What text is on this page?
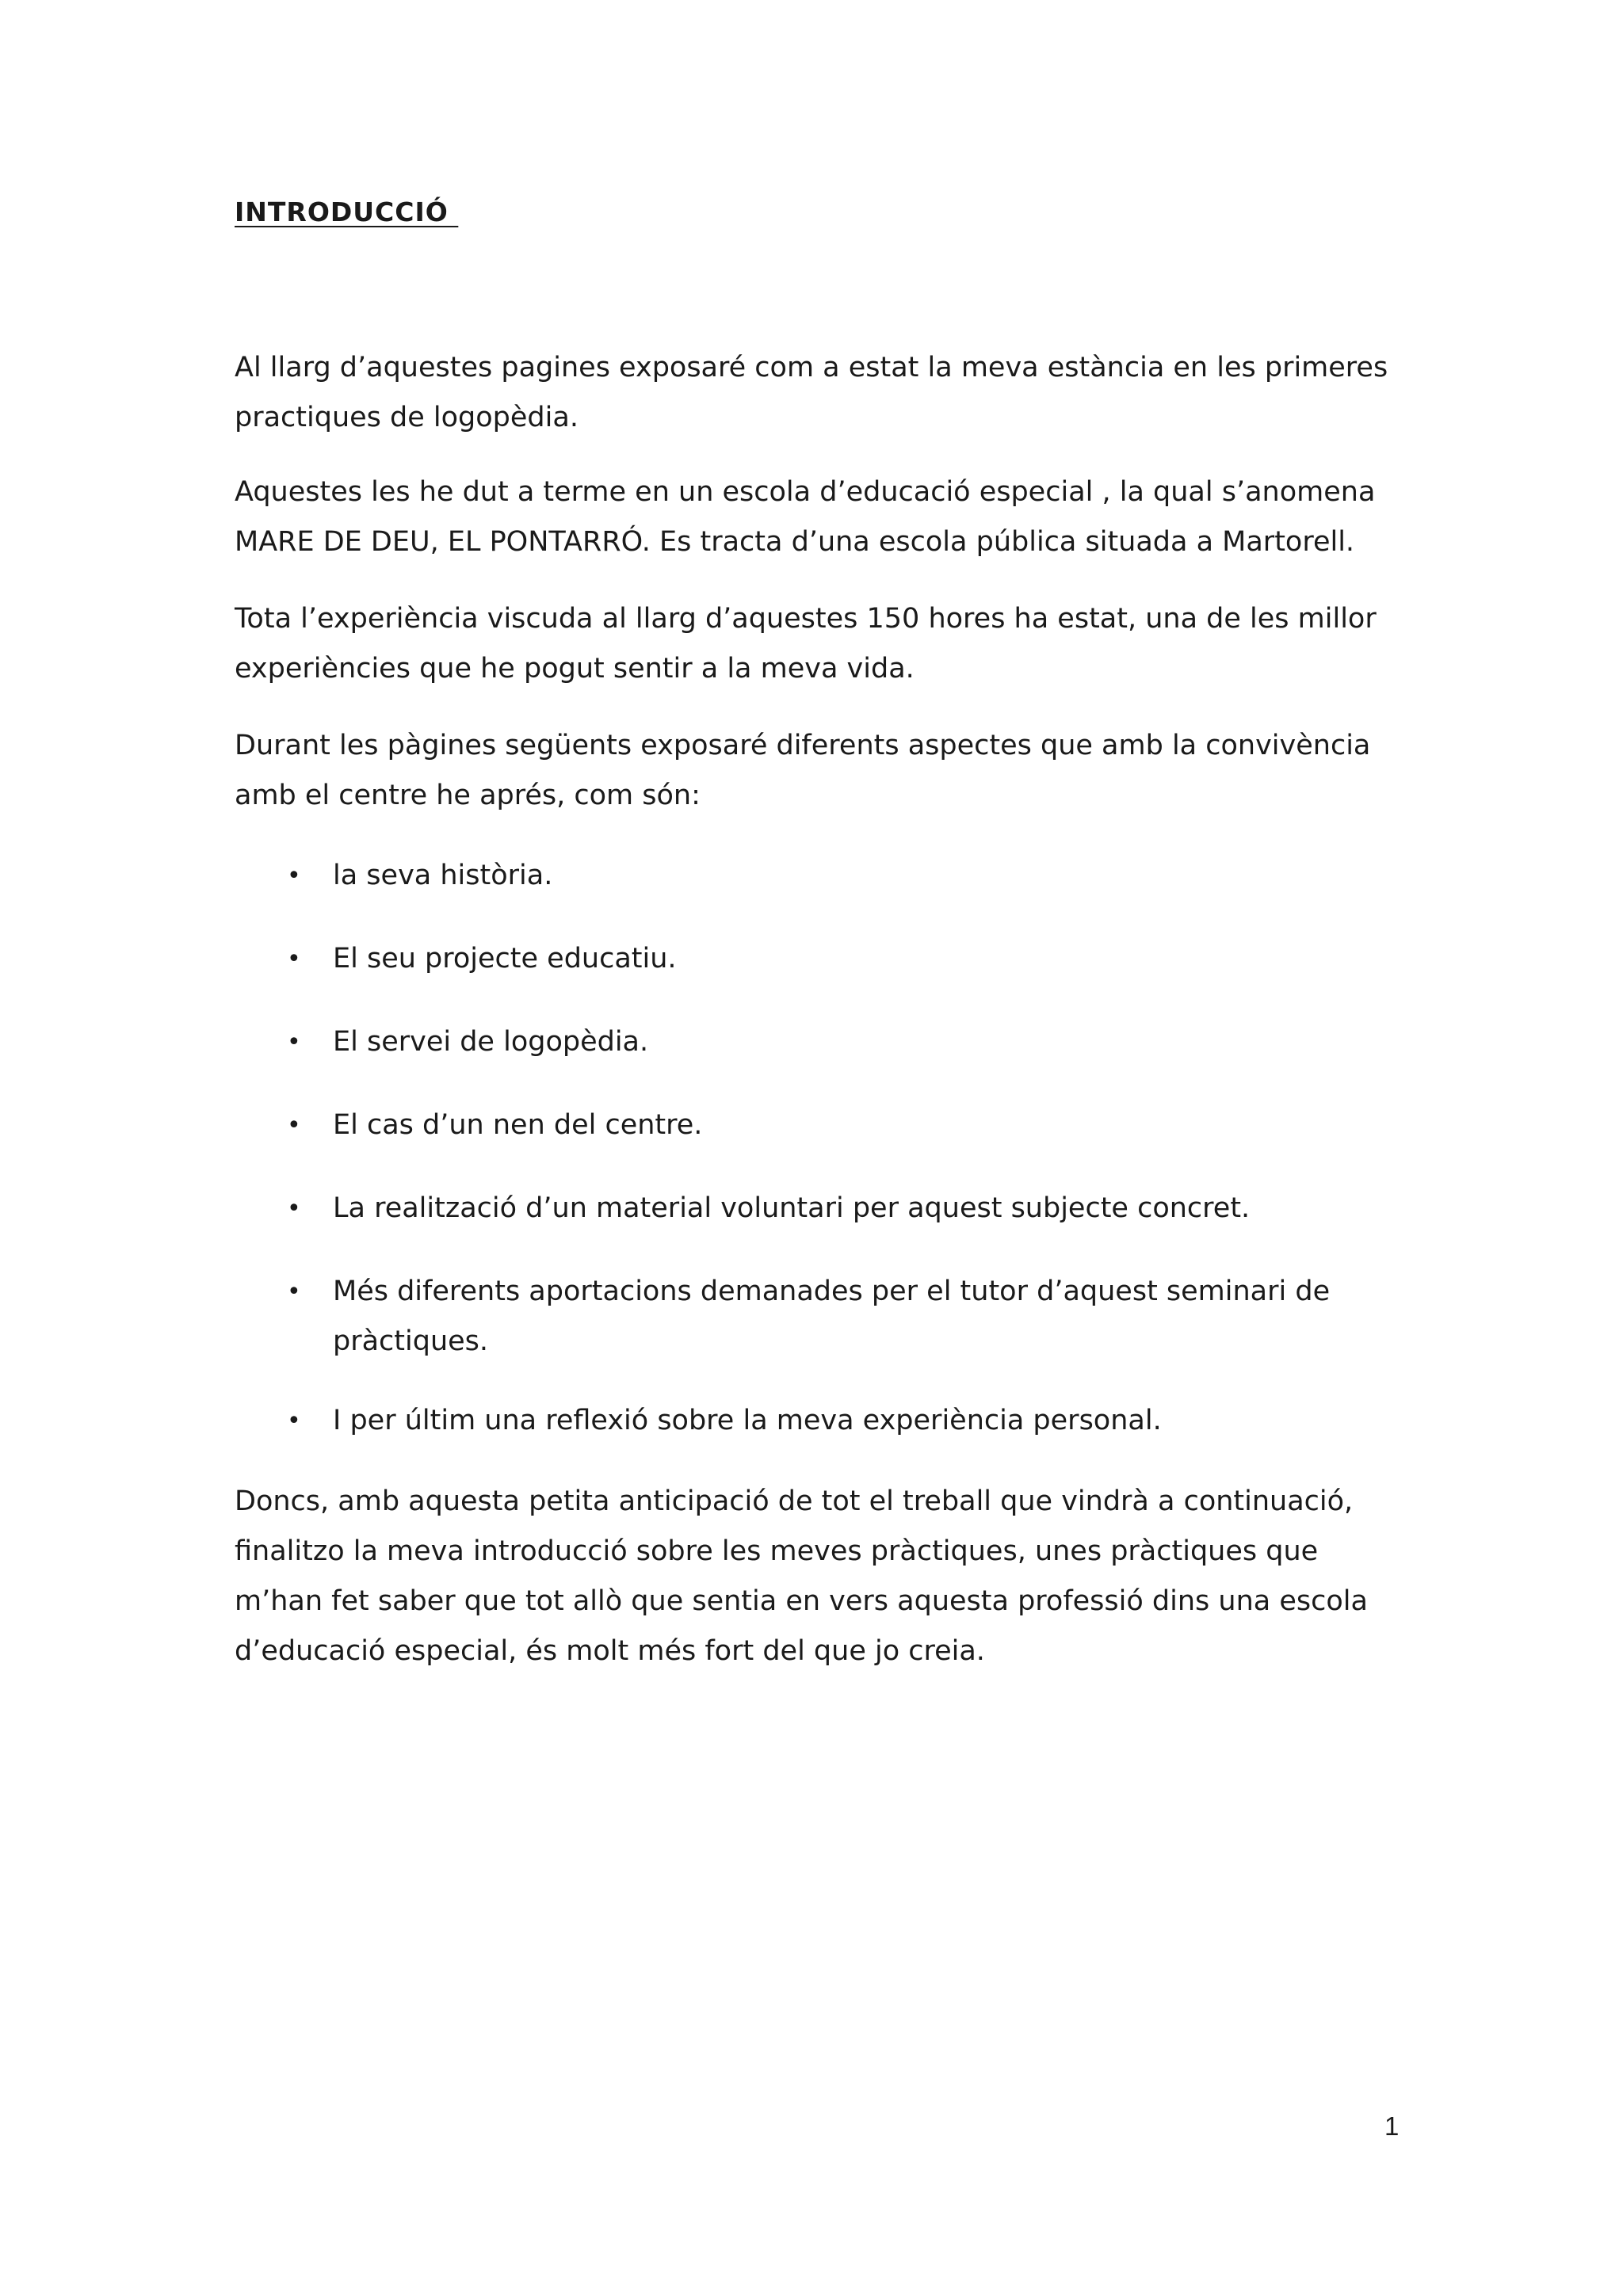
INTRODUCCIÓ

Al llarg d’aquestes pagines exposaré com a estat la meva estància en les primeres
practiques de logopèdia.

Aquestes les he dut a terme en un escola d’educació especial , la qual s’anomena
MARE DE DEU, EL PONTARRÓ. Es tracta d’una escola pública situada a Martorell.

Tota l’experiència viscuda al llarg d’aquestes 150 hores ha estat, una de les millor
experiències que he pogut sentir a la meva vida.

Durant les pàgines següents exposaré diferents aspectes que amb la convivència
amb el centre he aprés, com són:

• la seva història.
• El seu projecte educatiu.
• El servei de logopèdia.
• El cas d’un nen del centre.
• La realització d’un material voluntari per aquest subjecte concret.
• Més diferents aportacions demanades per el tutor d’aquest seminari de
pràctiques.
• I per últim una reflexió sobre la meva experiència personal.

Doncs, amb aquesta petita anticipació de tot el treball que vindrà a continuació,
finalitzo la meva introducció sobre les meves pràctiques, unes pràctiques que
m’han fet saber que tot allò que sentia en vers aquesta professió dins una escola
d’educació especial, és molt més fort del que jo creia.

1
